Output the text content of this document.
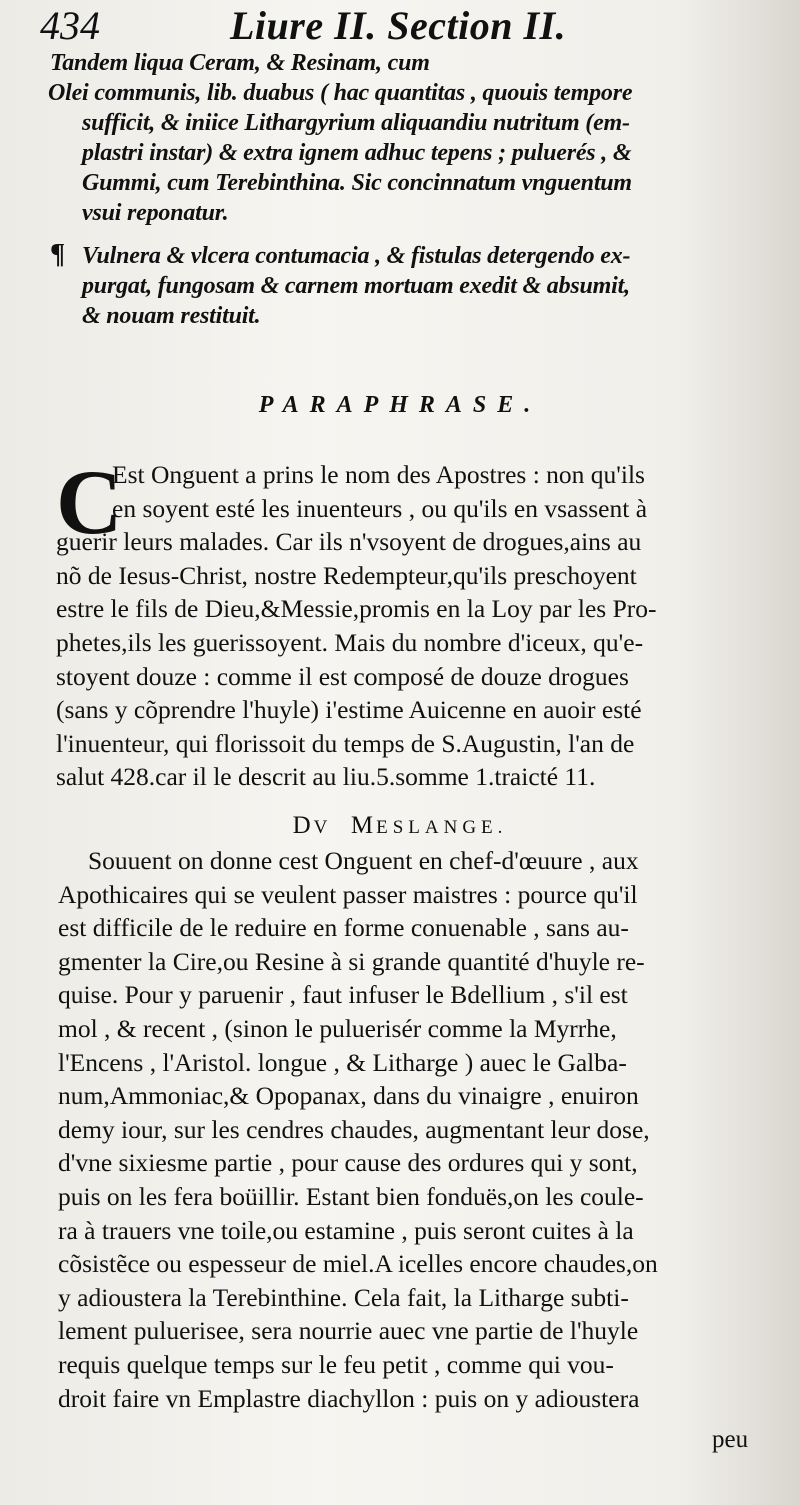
434	Liure II. Section II.
Tandem liqua Ceram, & Resinam, cum
Olei communis, lib. duabus ( hac quantitas , quouis tempore
sufficit, & iniice Lithargyrium aliquandiu nutritum (em-
plastri instar) & extra ignem adhuc tepens ; puluerés , &
Gummi, cum Terebinthina. Sic concinnatum vnguentum
vsui reponatur.
¶ Vulnera & vlcera contumacia , & fistulas detergendo ex-
purgat, fungosam & carnem mortuam exedit & absumit,
& nouam restituit.
PARAPHRASE.
C
Est Onguent a prins le nom des Apostres : non qu'ils
en soyent esté les inuenteurs , ou qu'ils en vsassent à
guerir leurs malades. Car ils n'vsoyent de drogues,ains au
nõ de Iesus-Christ, nostre Redempteur,qu'ils preschoyent
estre le fils de Dieu,&Messie,promis en la Loy par les Pro-
phetes,ils les guerissoyent. Mais du nombre d'iceux, qu'e-
stoyent douze : comme il est composé de douze drogues
(sans y cõprendre l'huyle) i'estime Auicenne en auoir esté
l'inuenteur, qui florissoit du temps de S.Augustin, l'an de
salut 428.car il le descrit au liu.5.somme 1.traicté 11.
DV MESLANGE.
Souuent on donne cest Onguent en chef-d'œuure , aux
Apothicaires qui se veulent passer maistres : pource qu'il
est difficile de le reduire en forme conuenable , sans au-
gmenter la Cire,ou Resine à si grande quantité d'huyle re-
quise. Pour y paruenir , faut infuser le Bdellium , s'il est
mol , & recent , (sinon le puluerisér comme la Myrrhe,
l'Encens , l'Aristol. longue , & Litharge ) auec le Galba-
num,Ammoniac,& Opopanax, dans du vinaigre , enuiron
demy iour, sur les cendres chaudes, augmentant leur dose,
d'vne sixiesme partie , pour cause des ordures qui y sont,
puis on les fera boüillir. Estant bien fonduës,on les coule-
ra à trauers vne toile,ou estamine , puis seront cuites à la
cõsistẽce ou espesseur de miel.A icelles encore chaudes,on
y adioustera la Terebinthine. Cela fait, la Litharge subti-
lement puluerisee, sera nourrie auec vne partie de l'huyle
requis quelque temps sur le feu petit , comme qui vou-
droit faire vn Emplastre diachyllon : puis on y adioustera
peu
